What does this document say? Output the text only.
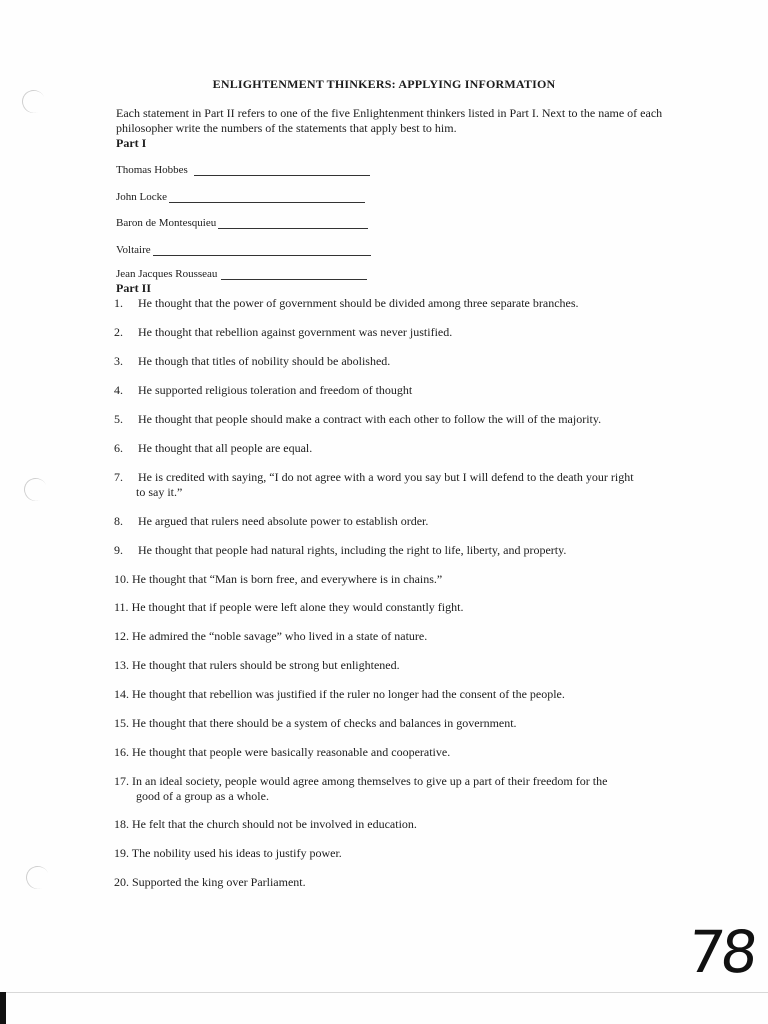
ENLIGHTENMENT THINKERS: APPLYING INFORMATION
Each statement in Part II refers to one of the five Enlightenment thinkers listed in Part I. Next to the name of each philosopher write the numbers of the statements that apply best to him.
Part I
Thomas Hobbes
John Locke
Baron de Montesquieu
Voltaire
Jean Jacques Rousseau
Part II
1. He thought that the power of government should be divided among three separate branches.
2. He thought that rebellion against government was never justified.
3. He though that titles of nobility should be abolished.
4. He supported religious toleration and freedom of thought
5. He thought that people should make a contract with each other to follow the will of the majority.
6. He thought that all people are equal.
7. He is credited with saying, “I do not agree with a word you say but I will defend to the death your right
to say it.”
8. He argued that rulers need absolute power to establish order.
9. He thought that people had natural rights, including the right to life, liberty, and property.
10. He thought that “Man is born free, and everywhere is in chains.”
11. He thought that if people were left alone they would constantly fight.
12. He admired the “noble savage” who lived in a state of nature.
13. He thought that rulers should be strong but enlightened.
14. He thought that rebellion was justified if the ruler no longer had the consent of the people.
15. He thought that there should be a system of checks and balances in government.
16. He thought that people were basically reasonable and cooperative.
17. In an ideal society, people would agree among themselves to give up a part of their freedom for the
good of a group as a whole.
18. He felt that the church should not be involved in education.
19. The nobility used his ideas to justify power.
20. Supported the king over Parliament.
78
